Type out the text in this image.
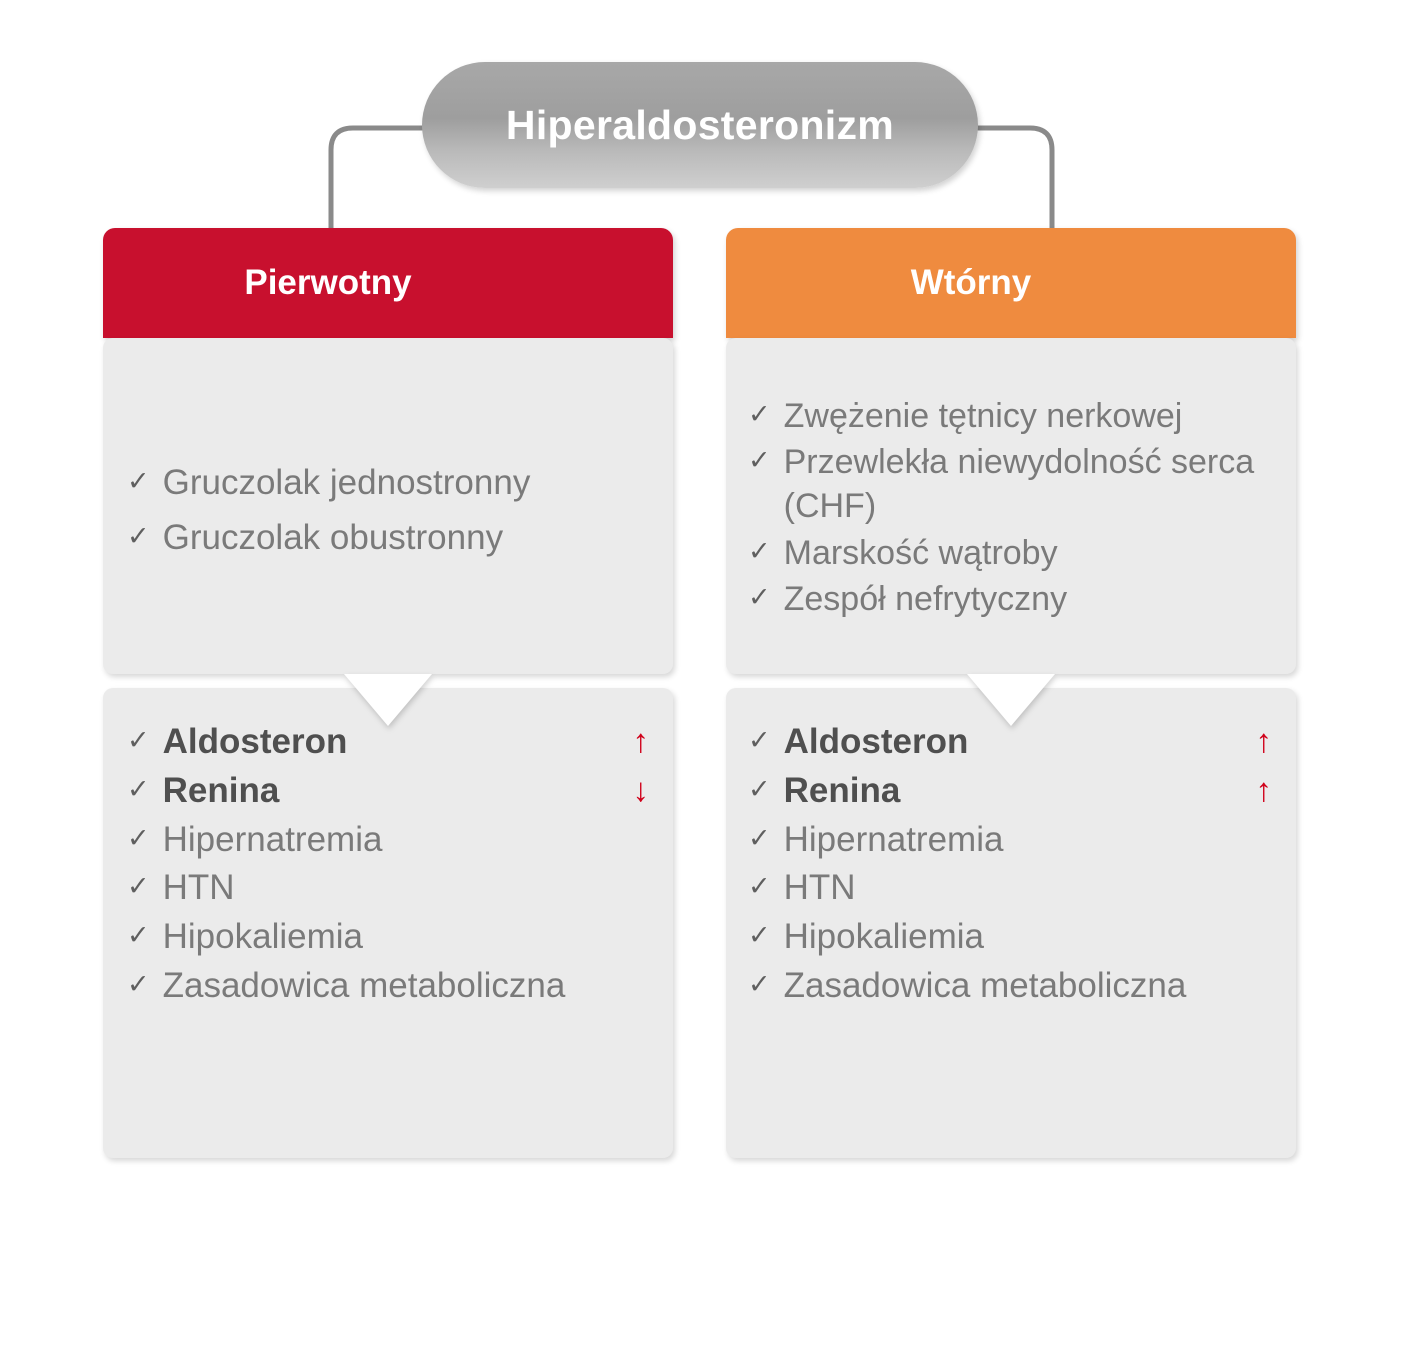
Hiperaldosteronizm
Pierwotny
✓ Gruczolak jednostronny
✓ Gruczolak obustronny
✓ Aldosteron	↑
✓ Renina	↓
✓ Hipernatremia
✓ HTN
✓ Hipokaliemia
✓ Zasadowica metaboliczna
Wtórny
✓ Zwężenie tętnicy nerkowej
✓ Przewlekła niewydolność serca (CHF)
✓ Marskość wątroby
✓ Zespół nefrytyczny
✓ Aldosteron	↑
✓ Renina	↑
✓ Hipernatremia
✓ HTN
✓ Hipokaliemia
✓ Zasadowica metaboliczna
